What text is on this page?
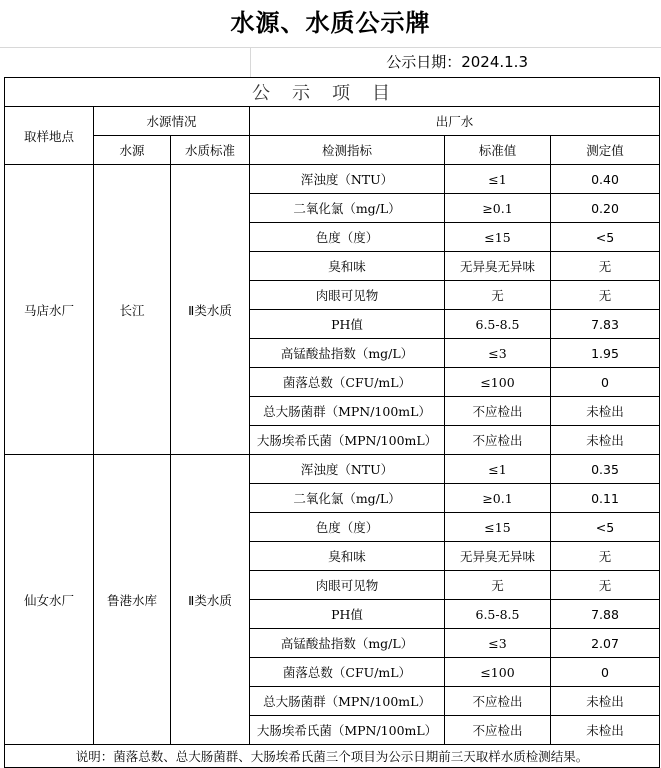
水源、水质公示牌
公示日期：2024.1.3
公示项目					
取样地点	水源情况		出厂水		
	水源	水质标准	检测指标	标准值	测定值
马店水厂	长江	Ⅱ类水质	浑浊度（NTU）	≤1	0.40
			二氧化氯（mg/L）	≥0.1	0.20
			色度（度）	≤15	<5
			臭和味	无异臭无异味	无
			肉眼可见物	无	无
			PH值	6.5-8.5	7.83
			高锰酸盐指数（mg/L）	≤3	1.95
			菌落总数（CFU/mL）	≤100	0
			总大肠菌群（MPN/100mL）	不应检出	未检出
			大肠埃希氏菌（MPN/100mL）	不应检出	未检出
仙女水厂	鲁港水库	Ⅱ类水质	浑浊度（NTU）	≤1	0.35
			二氧化氯（mg/L）	≥0.1	0.11
			色度（度）	≤15	<5
			臭和味	无异臭无异味	无
			肉眼可见物	无	无
			PH值	6.5-8.5	7.88
			高锰酸盐指数（mg/L）	≤3	2.07
			菌落总数（CFU/mL）	≤100	0
			总大肠菌群（MPN/100mL）	不应检出	未检出
			大肠埃希氏菌（MPN/100mL）	不应检出	未检出
说明：菌落总数、总大肠菌群、大肠埃希氏菌三个项目为公示日期前三天取样水质检测结果。					
